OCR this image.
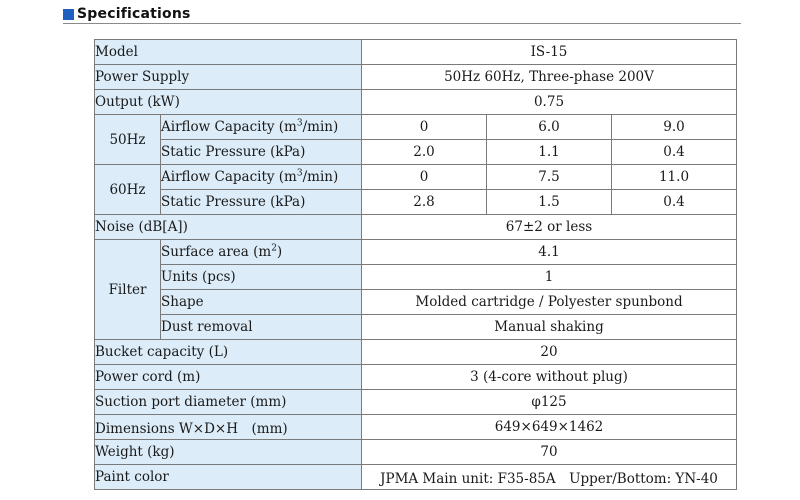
Specifications
Model		IS-15		
Power Supply		50Hz 60Hz, Three-phase 200V		
Output (kW)		0.75		
50Hz	Airflow Capacity $(m^3/\min)$	0	6.0	9.0
	Static Pressure (kPa)	2.0	1.1	0.4
60Hz	Airflow Capacity $(m^3/\min)$	0	7.5	11.0
	Static Pressure (kPa)	2.8	1.5	0.4
Noise (dB[A])		67±2 or less		
Filter	Surface area $(m^2)$	4.1		
	Units (pcs)	1		
	Shape	Molded cartridge / Polyester spunbond		
	Dust removal	Manual shaking		
Bucket capacity (L)		20		
Power cord (m)		3 (4-core without plug)		
Suction port diameter (mm)		φ125		
Dimensions W×D×H　(mm)		649×649×1462		
Weight (kg)		70		
Paint color		JPMA Main unit: F35-85A　Upper/Bottom: YN-40		
